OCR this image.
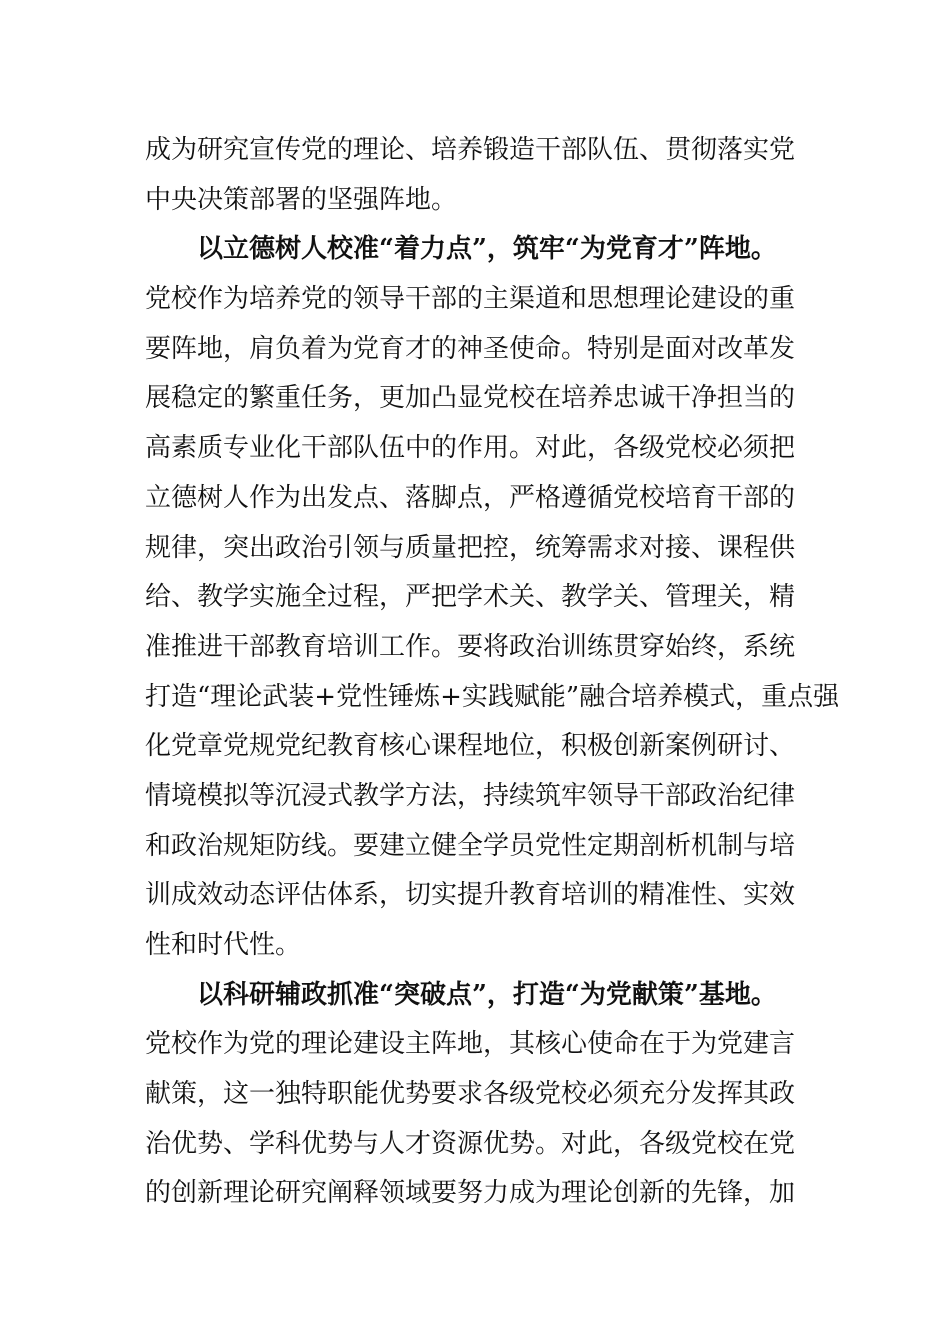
成为研究宣传党的理论、培养锻造干部队伍、贯彻落实党
中央决策部署的坚强阵地。
以立德树人校准“着力点”，筑牢“为党育才”阵地。
党校作为培养党的领导干部的主渠道和思想理论建设的重
要阵地，肩负着为党育才的神圣使命。特别是面对改革发
展稳定的繁重任务，更加凸显党校在培养忠诚干净担当的
高素质专业化干部队伍中的作用。对此，各级党校必须把
立德树人作为出发点、落脚点，严格遵循党校培育干部的
规律，突出政治引领与质量把控，统筹需求对接、课程供
给、教学实施全过程，严把学术关、教学关、管理关，精
准推进干部教育培训工作。要将政治训练贯穿始终，系统
打造“理论武装+党性锤炼+实践赋能”融合培养模式，重点强
化党章党规党纪教育核心课程地位，积极创新案例研讨、
情境模拟等沉浸式教学方法，持续筑牢领导干部政治纪律
和政治规矩防线。要建立健全学员党性定期剖析机制与培
训成效动态评估体系，切实提升教育培训的精准性、实效
性和时代性。
以科研辅政抓准“突破点”，打造“为党献策”基地。
党校作为党的理论建设主阵地，其核心使命在于为党建言
献策，这一独特职能优势要求各级党校必须充分发挥其政
治优势、学科优势与人才资源优势。对此，各级党校在党
的创新理论研究阐释领域要努力成为理论创新的先锋，加
